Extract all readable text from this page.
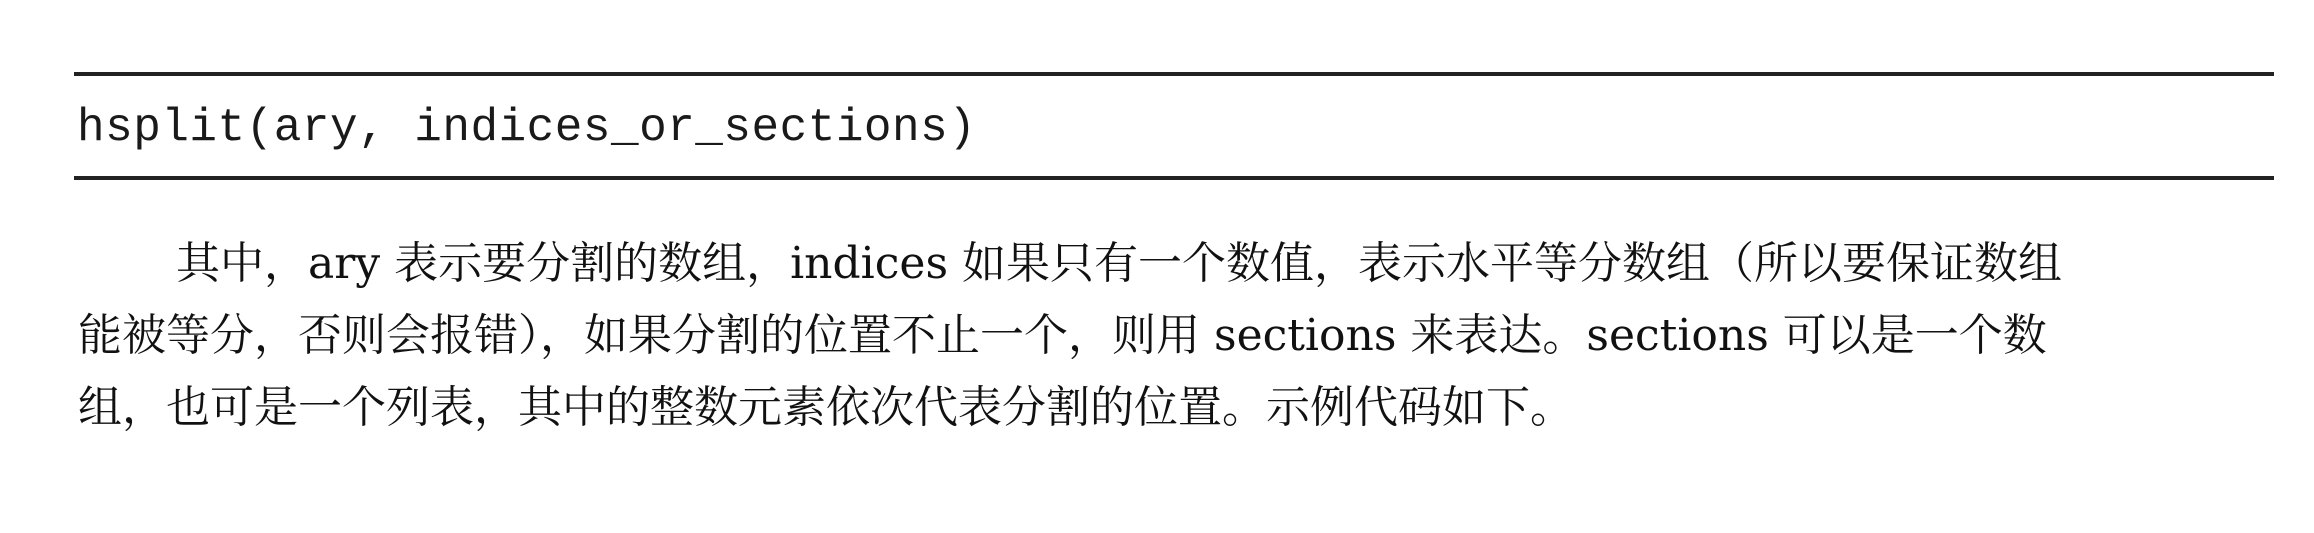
hsplit(ary, indices_or_sections)
其中，ary 表示要分割的数组，indices 如果只有一个数值，表示水平等分数组（所以要保证数组
能被等分，否则会报错），如果分割的位置不止一个，则用 sections 来表达。sections 可以是一个数
组，也可是一个列表，其中的整数元素依次代表分割的位置。示例代码如下。
